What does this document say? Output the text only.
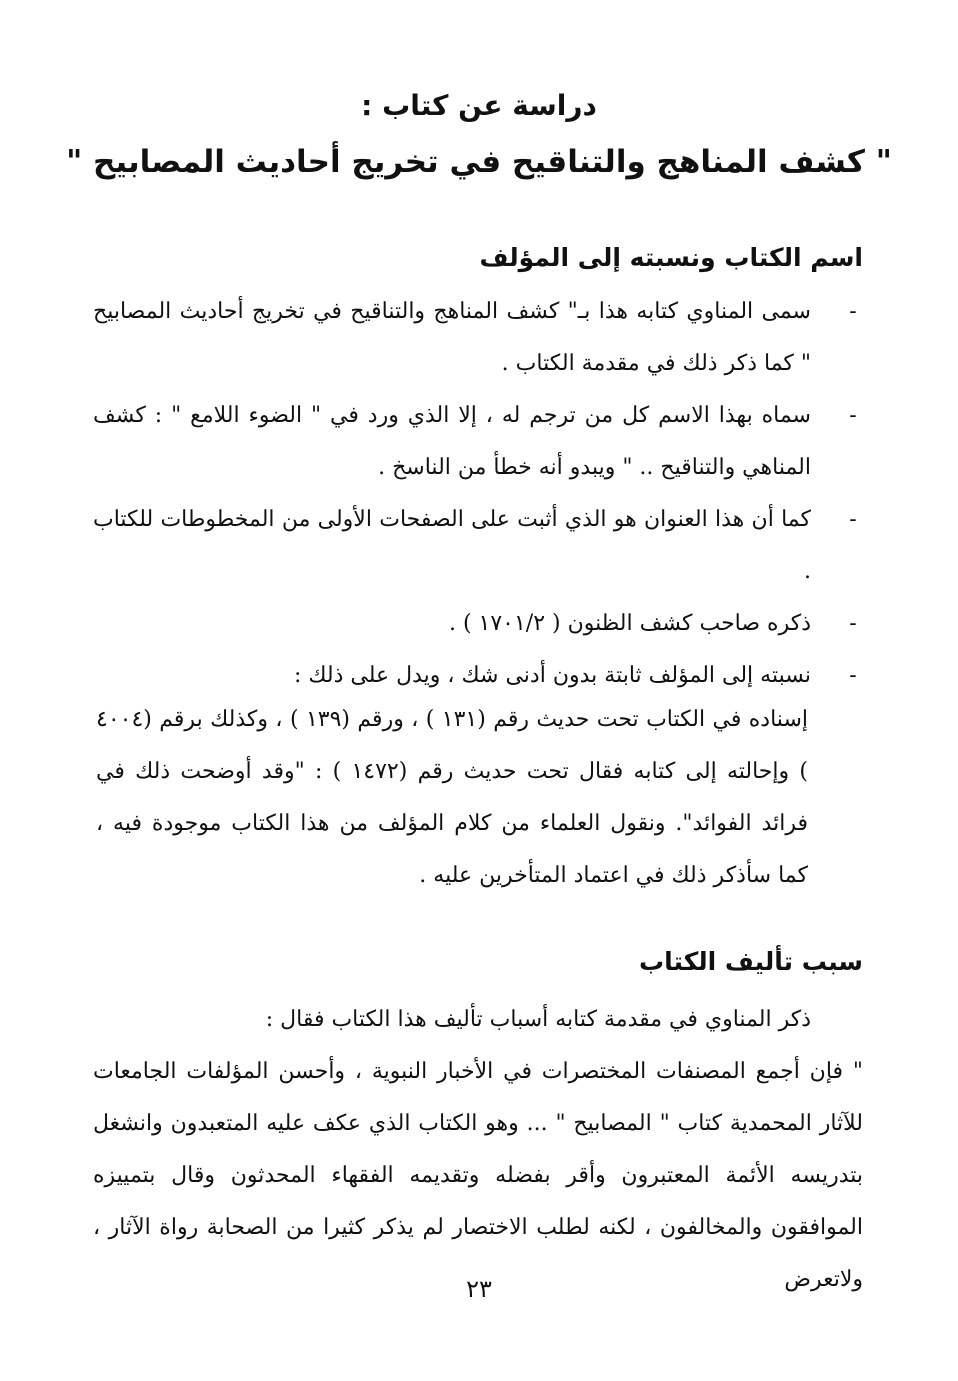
دراسة عن كتاب :
" كشف المناهج والتناقيح في تخريج أحاديث المصابيح "
اسم الكتاب ونسبته إلى المؤلف
-
سمى المناوي كتابه هذا بـ" كشف المناهج والتناقيح في تخريج أحاديث المصابيح " كما ذكر ذلك في مقدمة الكتاب .
-
سماه بهذا الاسم كل من ترجم له ، إلا الذي ورد في " الضوء اللامع " : كشف المناهي والتناقيح .. " ويبدو أنه خطأ من الناسخ .
-
كما أن هذا العنوان هو الذي أثبت على الصفحات الأولى من المخطوطات للكتاب .
-
ذكره صاحب كشف الظنون ( ١٧٠١/٢ ) .
-
نسبته إلى المؤلف ثابتة بدون أدنى شك ، ويدل على ذلك :

إسناده في الكتاب تحت حديث رقم (١٣١ ) ، ورقم (١٣٩ ) ، وكذلك برقم (٤٠٠٤ ) وإحالته إلى كتابه فقال تحت حديث رقم (١٤٧٢ ) : "وقد أوضحت ذلك في فرائد الفوائد". ونقول العلماء من كلام المؤلف من هذا الكتاب موجودة فيه ، كما سأذكر ذلك في اعتماد المتأخرين عليه .

سبب تأليف الكتاب
ذكر المناوي في مقدمة كتابه أسباب تأليف هذا الكتاب فقال :
" فإن أجمع المصنفات المختصرات في الأخبار النبوية ، وأحسن المؤلفات الجامعات للآثار المحمدية كتاب " المصابيح " ... وهو الكتاب الذي عكف عليه المتعبدون وانشغل بتدريسه الأئمة المعتبرون وأقر بفضله وتقديمه الفقهاء المحدثون وقال بتمييزه الموافقون والمخالفون ، لكنه لطلب الاختصار لم يذكر كثيرا من الصحابة رواة الآثار ، ولاتعرض
٢٣
